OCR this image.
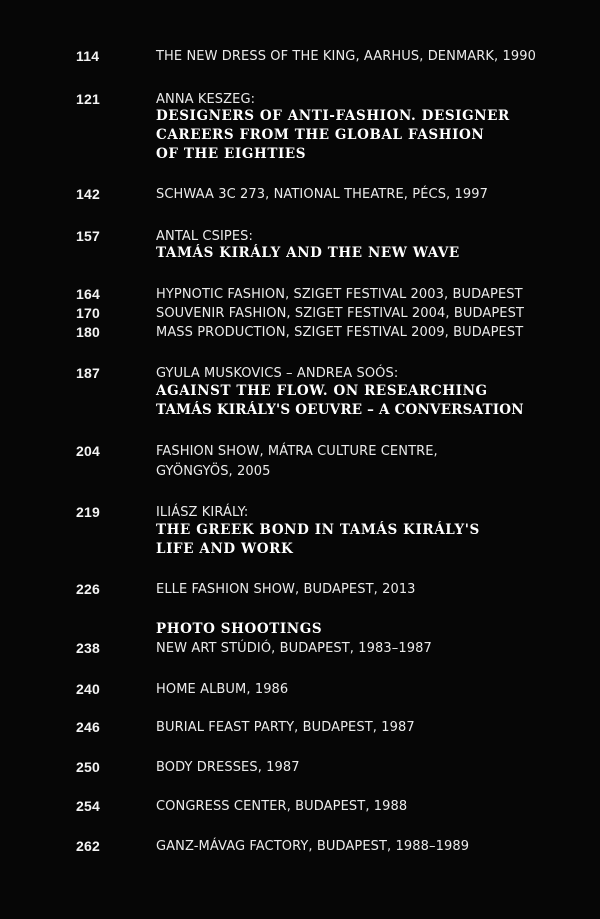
114	THE NEW DRESS OF THE KING, AARHUS, DENMARK, 1990
121	ANNA KESZEG:
DESIGNERS OF ANTI-FASHION. DESIGNER
CAREERS FROM THE GLOBAL FASHION
OF THE EIGHTIES
142	SCHWAA 3C 273, NATIONAL THEATRE, PÉCS, 1997
157	ANTAL CSIPES:
TAMÁS KIRÁLY AND THE NEW WAVE
164	HYPNOTIC FASHION, SZIGET FESTIVAL 2003, BUDAPEST
170	SOUVENIR FASHION, SZIGET FESTIVAL 2004, BUDAPEST
180	MASS PRODUCTION, SZIGET FESTIVAL 2009, BUDAPEST
187	GYULA MUSKOVICS – ANDREA SOÓS:
AGAINST THE FLOW. ON RESEARCHING
TAMÁS KIRÁLY'S OEUVRE – A CONVERSATION
204	FASHION SHOW, MÁTRA CULTURE CENTRE,
GYÖNGYÖS, 2005
219	ILIÁSZ KIRÁLY:
THE GREEK BOND IN TAMÁS KIRÁLY'S
LIFE AND WORK
226	ELLE FASHION SHOW, BUDAPEST, 2013
PHOTO SHOOTINGS
238	NEW ART STÚDIÓ, BUDAPEST, 1983–1987
240	HOME ALBUM, 1986
246	BURIAL FEAST PARTY, BUDAPEST, 1987
250	BODY DRESSES, 1987
254	CONGRESS CENTER, BUDAPEST, 1988
262	GANZ-MÁVAG FACTORY, BUDAPEST, 1988–1989
